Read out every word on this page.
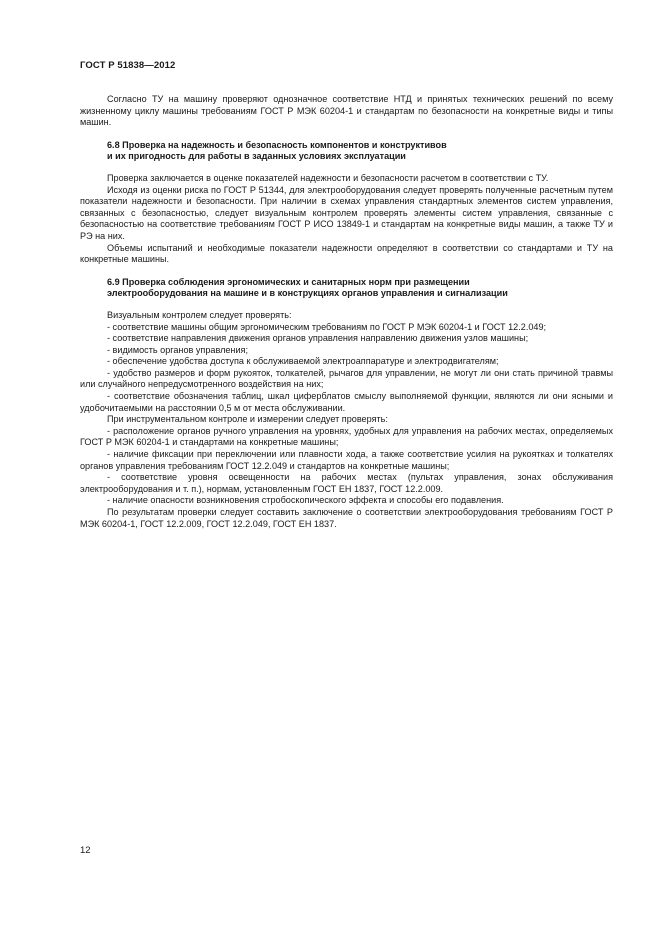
ГОСТ Р 51838—2012

Согласно ТУ на машину проверяют однозначное соответствие НТД и принятых технических решений по всему жизненному циклу машины требованиям ГОСТ Р МЭК 60204-1 и стандартам по безопасности на конкретные виды и типы машин.

6.8 Проверка на надежность и безопасность компонентов и конструктивов
и их пригодность для работы в заданных условиях эксплуатации

Проверка заключается в оценке показателей надежности и безопасности расчетом в соответствии с ТУ.

Исходя из оценки риска по ГОСТ Р 51344, для электрооборудования следует проверять полученные расчетным путем показатели надежности и безопасности. При наличии в схемах управления стандартных элементов систем управления, связанных с безопасностью, следует визуальным контролем проверять элементы систем управления, связанные с безопасностью на соответствие требованиям ГОСТ Р ИСО 13849-1 и стандартам на конкретные виды машин, а также ТУ и РЭ на них.

Объемы испытаний и необходимые показатели надежности определяют в соответствии со стандартами и ТУ на конкретные машины.

6.9 Проверка соблюдения эргономических и санитарных норм при размещении
электрооборудования на машине и в конструкциях органов управления и сигнализации

Визуальным контролем следует проверять:

- соответствие машины общим эргономическим требованиям по ГОСТ Р МЭК 60204-1 и ГОСТ 12.2.049;

- соответствие направления движения органов управления направлению движения узлов машины;

- видимость органов управления;

- обеспечение удобства доступа к обслуживаемой электроаппаратуре и электродвигателям;

- удобство размеров и форм рукояток, толкателей, рычагов для управлении, не могут ли они стать причиной травмы или случайного непредусмотренного воздействия на них;

- соответствие обозначения таблиц, шкал циферблатов смыслу выполняемой функции, являются ли они ясными и удобочитаемыми на расстоянии 0,5 м от места обслуживании.

При инструментальном контроле и измерении следует проверять:

- расположение органов ручного управления на уровнях, удобных для управления на рабочих местах, определяемых ГОСТ Р МЭК 60204-1 и стандартами на конкретные машины;

- наличие фиксации при переключении или плавности хода, а также соответствие усилия на рукоятках и толкателях органов управления требованиям ГОСТ 12.2.049 и стандартов на конкретные машины;

- соответствие уровня освещенности на рабочих местах (пультах управления, зонах обслуживания электрооборудования и т. п.), нормам, установленным ГОСТ ЕН 1837, ГОСТ 12.2.009.

- наличие опасности возникновения стробоскопического эффекта и способы его подавления.

По результатам проверки следует составить заключение о соответствии электрооборудования требованиям ГОСТ Р МЭК 60204-1, ГОСТ 12.2.009, ГОСТ 12.2.049, ГОСТ ЕН 1837.

12
